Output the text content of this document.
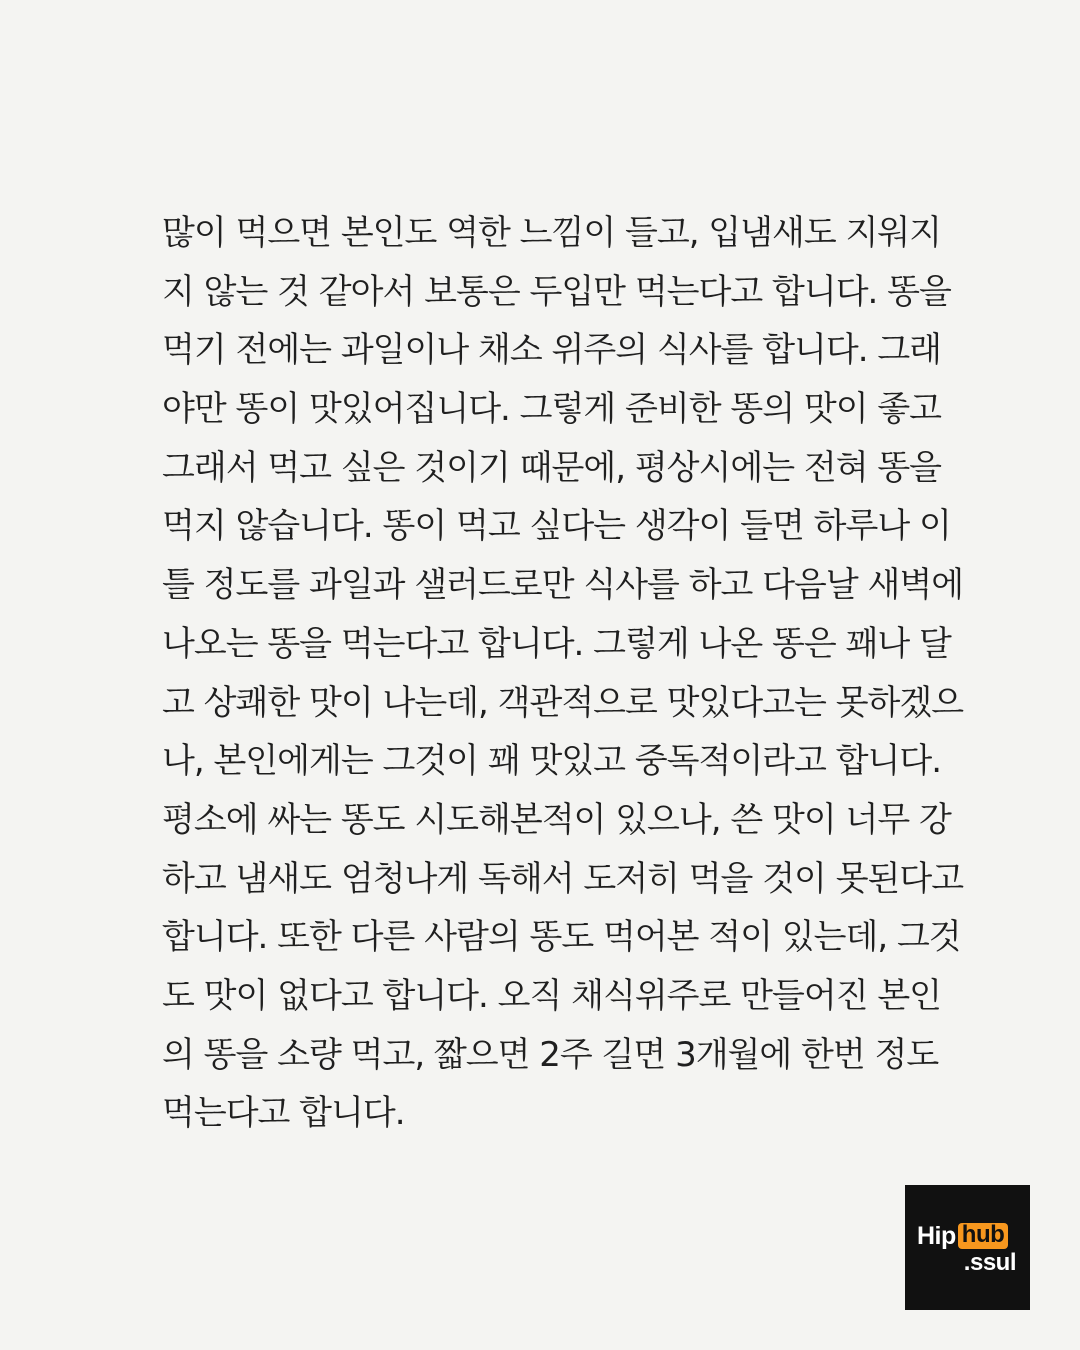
많이 먹으면 본인도 역한 느낌이 들고, 입냄새도 지워지
지 않는 것 같아서 보통은 두입만 먹는다고 합니다. 똥을
먹기 전에는 과일이나 채소 위주의 식사를 합니다. 그래
야만 똥이 맛있어집니다. 그렇게 준비한 똥의 맛이 좋고
그래서 먹고 싶은 것이기 때문에, 평상시에는 전혀 똥을
먹지 않습니다. 똥이 먹고 싶다는 생각이 들면 하루나 이
틀 정도를 과일과 샐러드로만 식사를 하고 다음날 새벽에
나오는 똥을 먹는다고 합니다. 그렇게 나온 똥은 꽤나 달
고 상쾌한 맛이 나는데, 객관적으로 맛있다고는 못하겠으
나, 본인에게는 그것이 꽤 맛있고 중독적이라고 합니다.
평소에 싸는 똥도 시도해본적이 있으나, 쓴 맛이 너무 강
하고 냄새도 엄청나게 독해서 도저히 먹을 것이 못된다고
합니다. 또한 다른 사람의 똥도 먹어본 적이 있는데, 그것
도 맛이 없다고 합니다. 오직 채식위주로 만들어진 본인
의 똥을 소량 먹고, 짧으면 2주 길면 3개월에 한번 정도
먹는다고 합니다.
Hip hub
.ssul
